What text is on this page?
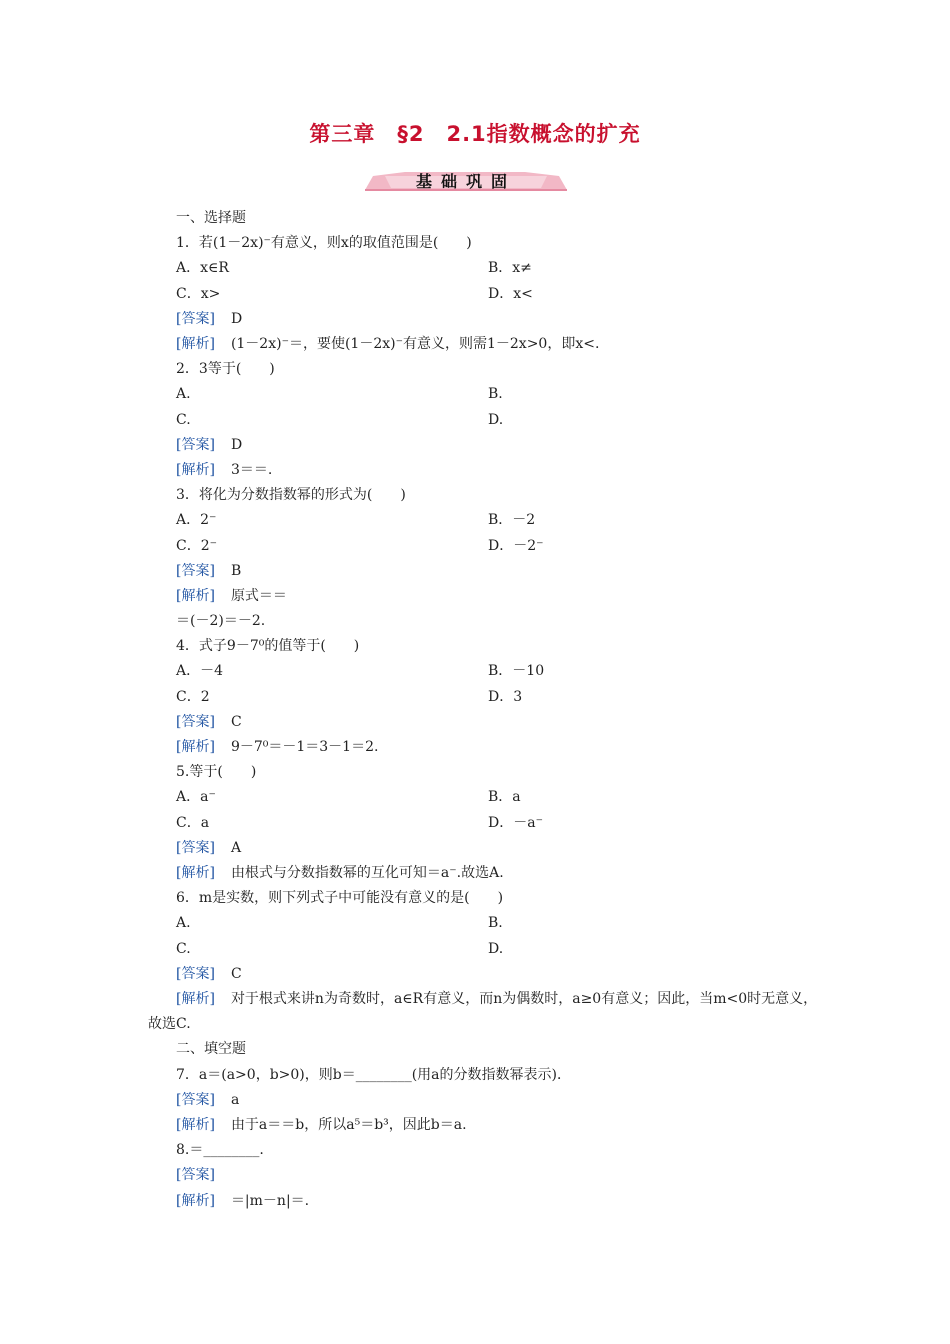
第三章　§2　2.1指数概念的扩充
基础巩固
一、选择题
1．若(1－2x)⁻有意义，则x的取值范围是(　　)
A．x∈R	B．x≠
C．x>	D．x<
[答案] D
[解析] (1－2x)⁻＝，要使(1－2x)⁻有意义，则需1－2x>0，即x<.
2．3等于(　　)
A.	B.
C.	D.
[答案] D
[解析] 3＝＝.
3．将化为分数指数幂的形式为(　　)
A．2⁻	B．－2
C．2⁻	D．－2⁻
[答案] B
[解析] 原式＝＝
＝(－2)＝－2.
4．式子9－7⁰的值等于(　　)
A．－4	B．－10
C．2	D．3
[答案] C
[解析] 9－7⁰＝－1＝3－1＝2.
5.等于(　　)
A．a⁻	B．a
C．a	D．－a⁻
[答案] A
[解析] 由根式与分数指数幂的互化可知＝a⁻.故选A.
6．m是实数，则下列式子中可能没有意义的是(　　)
A.	B.
C.	D.
[答案] C
[解析] 对于根式来讲n为奇数时，a∈R有意义，而n为偶数时，a≥0有意义；因此，当m<0时无意义，故选C.
二、填空题
7．a＝(a>0，b>0)，则b＝________(用a的分数指数幂表示)．
[答案] a
[解析] 由于a＝＝b，所以a⁵＝b³，因此b＝a.
8.＝________.
[答案]
[解析] ＝|m－n|＝.
